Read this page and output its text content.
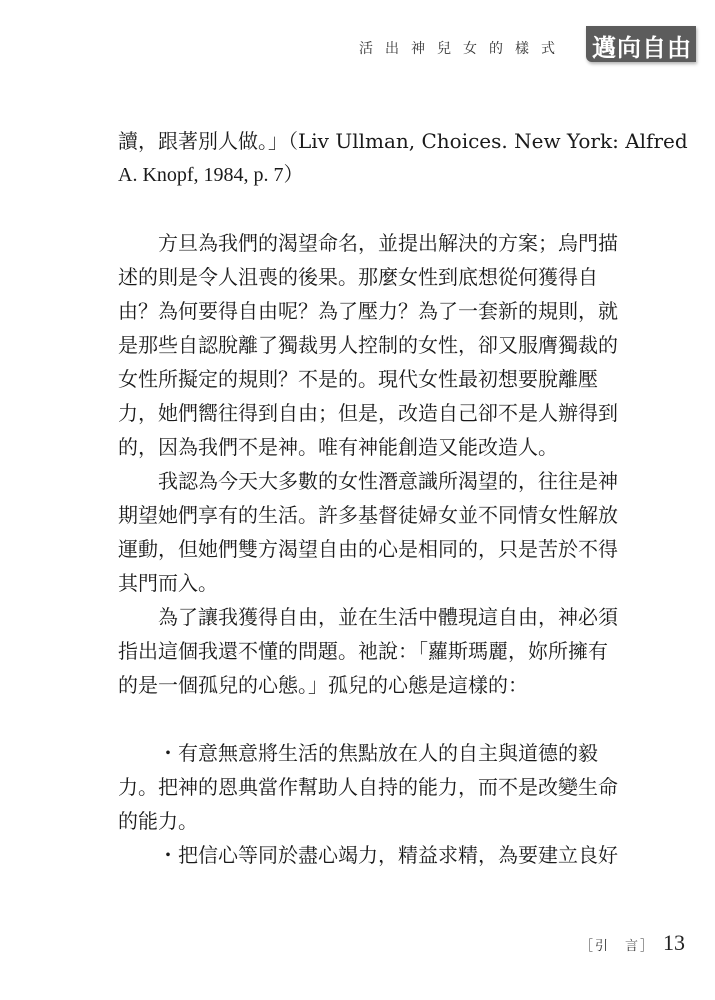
活出神兒女的樣式 邁向自由

讀，跟著別人做。」（Liv Ullman, Choices. New York: Alfred
A. Knopf, 1984, p. 7）

方旦為我們的渴望命名，並提出解決的方案；烏門描
述的則是令人沮喪的後果。那麼女性到底想從何獲得自
由？為何要得自由呢？為了壓力？為了一套新的規則，就
是那些自認脫離了獨裁男人控制的女性，卻又服膺獨裁的
女性所擬定的規則？不是的。現代女性最初想要脫離壓
力，她們嚮往得到自由；但是，改造自己卻不是人辦得到
的，因為我們不是神。唯有神能創造又能改造人。

我認為今天大多數的女性潛意識所渴望的，往往是神
期望她們享有的生活。許多基督徒婦女並不同情女性解放
運動，但她們雙方渴望自由的心是相同的，只是苦於不得
其門而入。

為了讓我獲得自由，並在生活中體現這自由，神必須
指出這個我還不懂的問題。祂說：「蘿斯瑪麗，妳所擁有
的是一個孤兒的心態。」孤兒的心態是這樣的：

・有意無意將生活的焦點放在人的自主與道德的毅
力。把神的恩典當作幫助人自持的能力，而不是改變生命
的能力。

・把信心等同於盡心竭力，精益求精，為要建立良好

［引　言］ 13
